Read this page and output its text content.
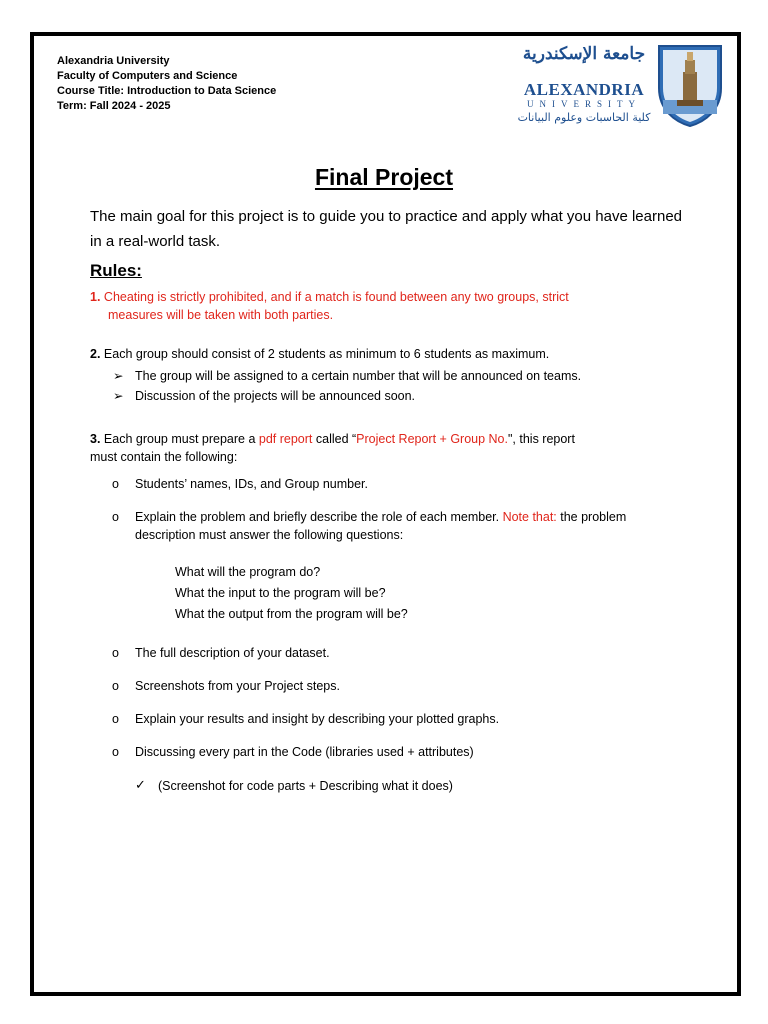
Alexandria University
Faculty of Computers and Science
Course Title: Introduction to Data Science
Term: Fall 2024 - 2025
جامعة الإسكندرية
ALEXANDRIA
UNIVERSITY
كلية الحاسبات وعلوم البيانات
Final Project
The main goal for this project is to guide you to practice and apply what you have learned in a real-world task.
Rules:
1. Cheating is strictly prohibited, and if a match is found between any two groups, strict
measures will be taken with both parties.
2. Each group should consist of 2 students as minimum to 6 students as maximum.
➢ The group will be assigned to a certain number that will be announced on teams.
➢ Discussion of the projects will be announced soon.
3. Each group must prepare a pdf report called “Project Report + Group No.", this report
must contain the following:
o Students’ names, IDs, and Group number.
o Explain the problem and briefly describe the role of each member. Note that: the problem description must answer the following questions:
What will the program do?
What the input to the program will be?
What the output from the program will be?
o The full description of your dataset.
o Screenshots from your Project steps.
o Explain your results and insight by describing your plotted graphs.
o Discussing every part in the Code (libraries used + attributes)
✓ (Screenshot for code parts + Describing what it does)
